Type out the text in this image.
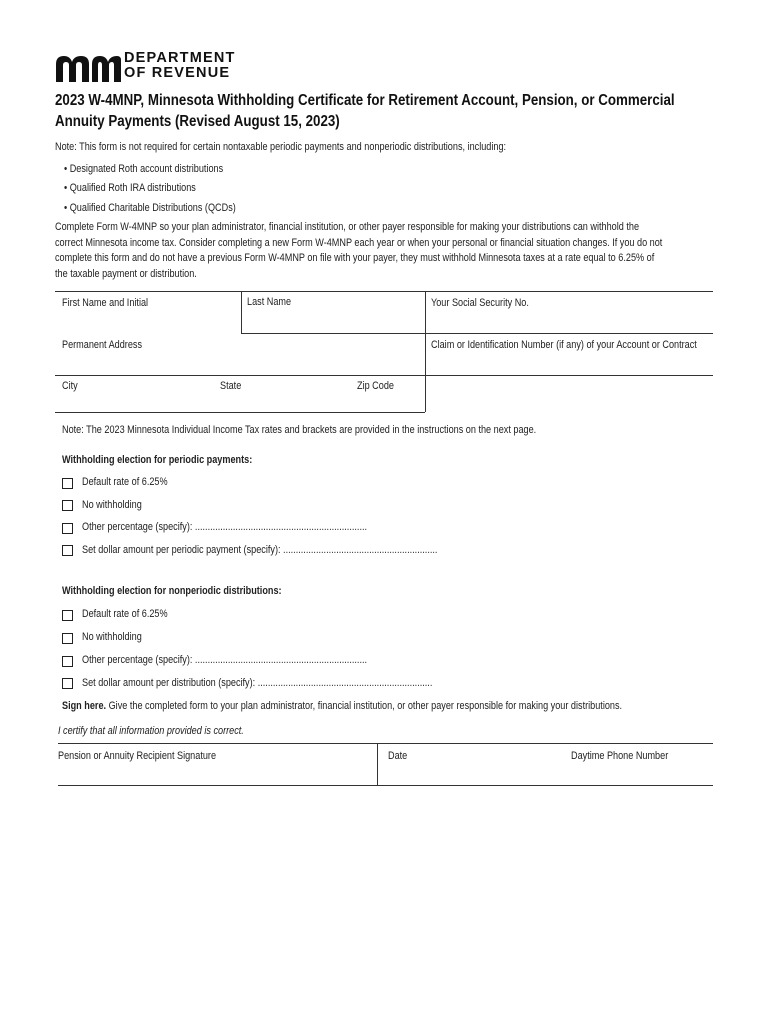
DEPARTMENT
OF REVENUE
2023 W-4MNP, Minnesota Withholding Certificate for Retirement Account, Pension, or Commercial
Annuity Payments (Revised August 15, 2023)
Note: This form is not required for certain nontaxable periodic payments and nonperiodic distributions, including:
• Designated Roth account distributions
• Qualified Roth IRA distributions
• Qualified Charitable Distributions (QCDs)
Complete Form W-4MNP so your plan administrator, financial institution, or other payer responsible for making your distributions can withhold the
correct Minnesota income tax. Consider completing a new Form W-4MNP each year or when your personal or financial situation changes. If you do not
complete this form and do not have a previous Form W-4MNP on file with your payer, they must withhold Minnesota taxes at a rate equal to 6.25% of
the taxable payment or distribution.
First Name and Initial	Last Name	Your Social Security No.
Permanent Address	Claim or Identification Number (if any) of your Account or Contract
City	State	Zip Code
Note: The 2023 Minnesota Individual Income Tax rates and brackets are provided in the instructions on the next page.
Withholding election for periodic payments:
Default rate of 6.25%
No withholding
Other percentage (specify): ....................................................................
Set dollar amount per periodic payment (specify): .............................................................
Withholding election for nonperiodic distributions:
Default rate of 6.25%
No withholding
Other percentage (specify): ....................................................................
Set dollar amount per distribution (specify): .....................................................................
Sign here. Give the completed form to your plan administrator, financial institution, or other payer responsible for making your distributions.
I certify that all information provided is correct.
Pension or Annuity Recipient Signature	Date	Daytime Phone Number
